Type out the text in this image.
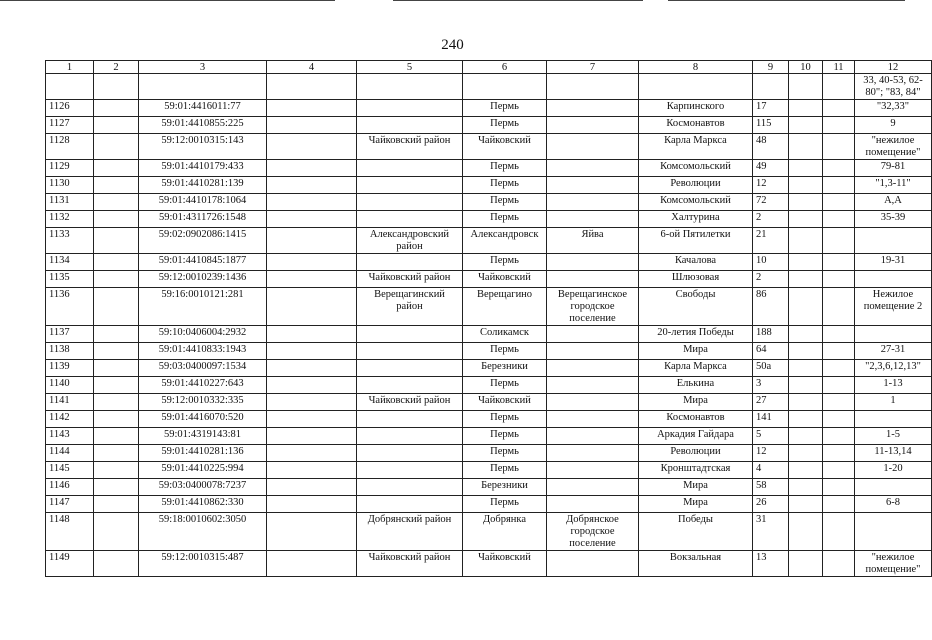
240
1	2	3	4	5	6	7	8	9	10	11	12
											33, 40-53, 62-80"; "83, 84"
1126		59:01:4416011:77			Пермь		Карпинского	17			"32,33"
1127		59:01:4410855:225			Пермь		Космонавтов	115			9
1128		59:12:0010315:143		Чайковский район	Чайковский		Карла Маркса	48			"нежилое помещение"
1129		59:01:4410179:433			Пермь		Комсомольский	49			79-81
1130		59:01:4410281:139			Пермь		Революции	12			"1,3-11"
1131		59:01:4410178:1064			Пермь		Комсомольский	72			А,А
1132		59:01:4311726:1548			Пермь		Халтурина	2			35-39
1133		59:02:0902086:1415		Александровский район	Александровск	Яйва	6-ой Пятилетки	21			
1134		59:01:4410845:1877			Пермь		Качалова	10			19-31
1135		59:12:0010239:1436		Чайковский район	Чайковский		Шлюзовая	2			
1136		59:16:0010121:281		Верещагинский район	Верещагино	Верещагинское городское поселение	Свободы	86			Нежилое помещение 2
1137		59:10:0406004:2932			Соликамск		20-летия Победы	188			
1138		59:01:4410833:1943			Пермь		Мира	64			27-31
1139		59:03:0400097:1534			Березники		Карла Маркса	50а			"2,3,6,12,13"
1140		59:01:4410227:643			Пермь		Елькина	3			1-13
1141		59:12:0010332:335		Чайковский район	Чайковский		Мира	27			1
1142		59:01:4416070:520			Пермь		Космонавтов	141			
1143		59:01:4319143:81			Пермь		Аркадия Гайдара	5			1-5
1144		59:01:4410281:136			Пермь		Революции	12			11-13,14
1145		59:01:4410225:994			Пермь		Кронштадтская	4			1-20
1146		59:03:0400078:7237			Березники		Мира	58			
1147		59:01:4410862:330			Пермь		Мира	26			6-8
1148		59:18:0010602:3050		Добрянский район	Добрянка	Добрянское городское поселение	Победы	31			
1149		59:12:0010315:487		Чайковский район	Чайковский		Вокзальная	13			"нежилое помещение"
